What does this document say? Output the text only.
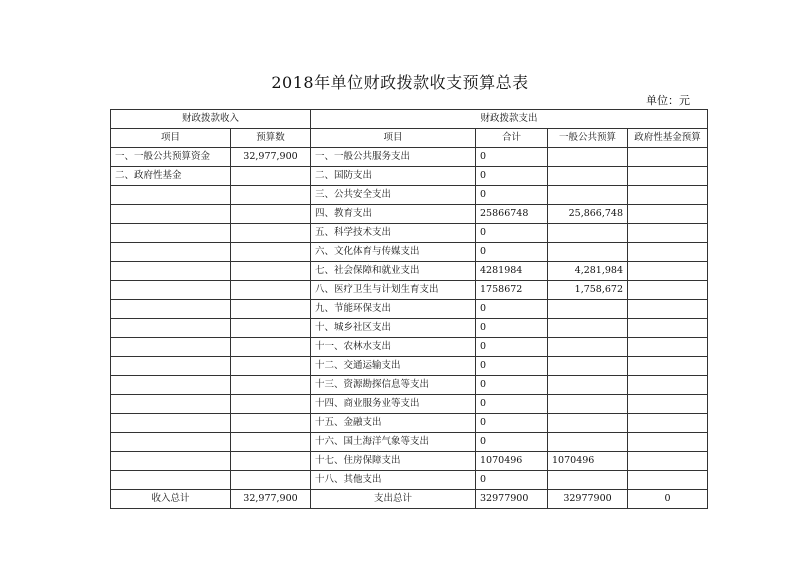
2018年单位财政拨款收支预算总表
单位：元
财政拨款收入		财政拨款支出			
项目	预算数	项目	合计	一般公共预算	政府性基金预算
一、一般公共预算资金	32,977,900	一、一般公共服务支出	0		
二、政府性基金		二、国防支出	0		
		三、公共安全支出	0		
		四、教育支出	25866748	25,866,748	
		五、科学技术支出	0		
		六、文化体育与传媒支出	0		
		七、社会保障和就业支出	4281984	4,281,984	
		八、医疗卫生与计划生育支出	1758672	1,758,672	
		九、节能环保支出	0		
		十、城乡社区支出	0		
		十一、农林水支出	0		
		十二、交通运输支出	0		
		十三、资源勘探信息等支出	0		
		十四、商业服务业等支出	0		
		十五、金融支出	0		
		十六、国土海洋气象等支出	0		
		十七、住房保障支出	1070496	1070496	
		十八、其他支出	0		
收入总计	32,977,900	支出总计	32977900	32977900	0
